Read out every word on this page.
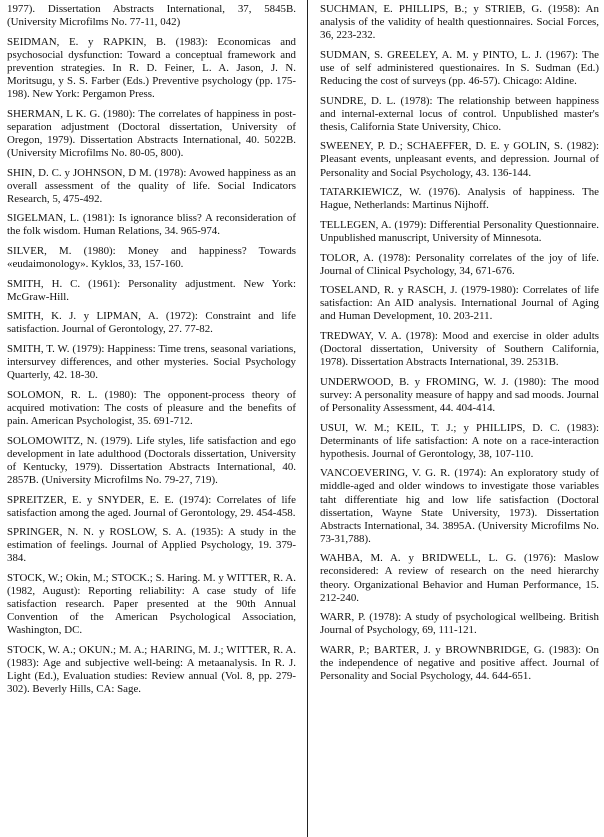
1977). Dissertation Abstracts International, 37, 5845B. (University Microfilms No. 77-11, 042)

SEIDMAN, E. y RAPKIN, B. (1983): Economicas and psychosocial dysfunction: Toward a conceptual framework and prevention strategies. In R. D. Feiner, L. A. Jason, J. N. Moritsugu, y S. S. Farber (Eds.) Preventive psychology (pp. 175-198). New York: Pergamon Press.

SHERMAN, L K. G. (1980): The correlates of happiness in post-separation adjustment (Doctoral dissertation, University of Oregon, 1979). Dissertation Abstracts International, 40. 5022B. (University Microfilms No. 80-05, 800).

SHIN, D. C. y JOHNSON, D M. (1978): Avowed happiness as an overall assessment of the quality of life. Social Indicators Research, 5, 475-492.

SIGELMAN, L. (1981): Is ignorance bliss? A reconsideration of the folk wisdom. Human Relations, 34. 965-974.

SILVER, M. (1980): Money and happiness? Towards «eudaimonology». Kyklos, 33, 157-160.

SMITH, H. C. (1961): Personality adjustment. New York: McGraw-Hill.

SMITH, K. J. y LIPMAN, A. (1972): Constraint and life satisfaction. Journal of Gerontology, 27. 77-82.

SMITH, T. W. (1979): Happiness: Time trens, seasonal variations, intersurvey differences, and other mysteries. Social Psychology Quarterly, 42. 18-30.

SOLOMON, R. L. (1980): The opponent-process theory of acquired motivation: The costs of pleasure and the benefits of pain. American Psychologist, 35. 691-712.

SOLOMOWITZ, N. (1979). Life styles, life satisfaction and ego development in late adulthood (Doctorals dissertation, University of Kentucky, 1979). Dissertation Abstracts International, 40. 2857B. (University Microfilms No. 79-27, 719).

SPREITZER, E. y SNYDER, E. E. (1974): Correlates of life satisfaction among the aged. Journal of Gerontology, 29. 454-458.

SPRINGER, N. N. y ROSLOW, S. A. (1935): A study in the estimation of feelings. Journal of Applied Psychology, 19. 379-384.

STOCK, W.; Okin, M.; STOCK.; S. Haring. M. y WITTER, R. A. (1982, August): Reporting reliability: A case study of life satisfaction research. Paper presented at the 90th Annual Convention of the American Psychological Association, Washington, DC.

STOCK, W. A.; OKUN.; M. A.; HARING, M. J.; WITTER, R. A. (1983): Age and subjective well-being: A metaanalysis. In R. J. Light (Ed.), Evaluation studies: Review annual (Vol. 8, pp. 279-302). Beverly Hills, CA: Sage.

SUCHMAN, E. PHILLIPS, B.; y STRIEB, G. (1958): An analysis of the validity of health questionnaires. Social Forces, 36, 223-232.

SUDMAN, S. GREELEY, A. M. y PINTO, L. J. (1967): The use of self administered questionaires. In S. Sudman (Ed.) Reducing the cost of surveys (pp. 46-57). Chicago: Aldine.

SUNDRE, D. L. (1978): The relationship between happiness and internal-external locus of control. Unpublished master's thesis, California State University, Chico.

SWEENEY, P. D.; SCHAEFFER, D. E. y GOLIN, S. (1982): Pleasant events, unpleasant events, and depression. Journal of Personality and Social Psychology, 43. 136-144.

TATARKIEWICZ, W. (1976). Analysis of happiness. The Hague, Netherlands: Martinus Nijhoff.

TELLEGEN, A. (1979): Differential Personality Questionnaire. Unpublished manuscript, University of Minnesota.

TOLOR, A. (1978): Personality correlates of the joy of life. Journal of Clinical Psychology, 34, 671-676.

TOSELAND, R. y RASCH, J. (1979-1980): Correlates of life satisfaction: An AID analysis. International Journal of Aging and Human Development, 10. 203-211.

TREDWAY, V. A. (1978): Mood and exercise in older adults (Doctoral dissertation, University of Southern California, 1978). Dissertation Abstracts International, 39. 2531B.

UNDERWOOD, B. y FROMING, W. J. (1980): The mood survey: A personality measure of happy and sad moods. Journal of Personality Assessment, 44. 404-414.

USUI, W. M.; KEIL, T. J.; y PHILLIPS, D. C. (1983): Determinants of life satisfaction: A note on a race-interaction hypothesis. Journal of Gerontology, 38, 107-110.

VANCOEVERING, V. G. R. (1974): An exploratory study of middle-aged and older windows to investigate those variables taht differentiate hig and low life satisfaction (Doctoral dissertation, Wayne State University, 1973). Dissertation Abstracts International, 34. 3895A. (University Microfilms No. 73-31,788).

WAHBA, M. A. y BRIDWELL, L. G. (1976): Maslow reconsidered: A review of research on the need hierarchy theory. Organizational Behavior and Human Performance, 15. 212-240.

WARR, P. (1978): A study of psychological wellbeing. British Journal of Psychology, 69, 111-121.

WARR, P.; BARTER, J. y BROWNBRIDGE, G. (1983): On the independence of negative and positive affect. Journal of Personality and Social Psychology, 44. 644-651.
